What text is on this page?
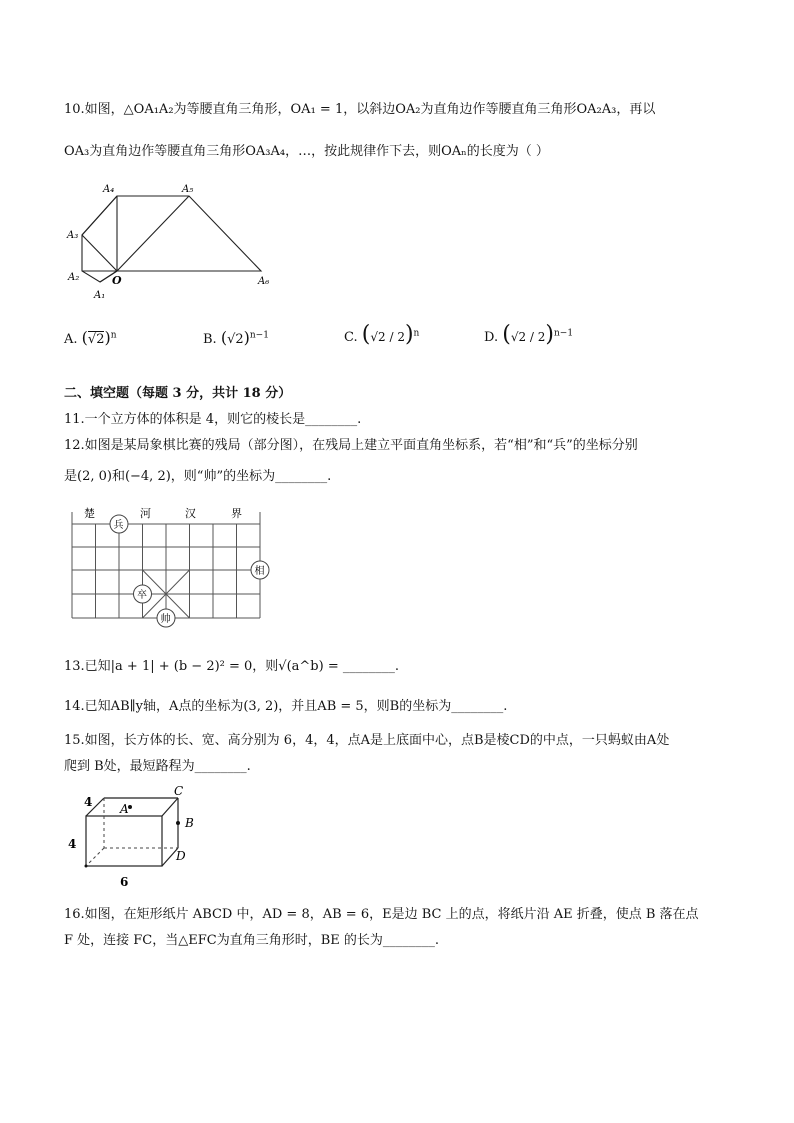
10.如图，△OA₁A₂为等腰直角三角形，OA₁ = 1，以斜边OA₂为直角边作等腰直角三角形OA₂A₃，再以
OA₃为直角边作等腰直角三角形OA₃A₄，…，按此规律作下去，则OAₙ的长度为（ ）
A₄	A₅
A₃
A₂	O
A₁
A₆
A. $(√2)^n$	B. $(√2)^{n-1}$	C. (√2 / 2)$^n$	D. (√2 / 2)$^{n-1}$
二、填空题（每题 3 分，共计 18 分）
11.一个立方体的体积是 4，则它的棱长是________.
12.如图是某局象棋比赛的残局（部分图），在残局上建立平面直角坐标系，若“相”和“兵”的坐标分别
是(2, 0)和(−4, 2)，则“帅”的坐标为________.
楚	河	汉	界
兵
相
卒
帅
13.已知|a + 1| + (b − 2)² = 0，则√(a^b) = ________.
14.已知AB∥y轴，A点的坐标为(3, 2)，并且AB = 5，则B的坐标为________.
15.如图，长方体的长、宽、高分别为 6，4，4，点A是上底面中心，点B是棱CD的中点，一只蚂蚁由A处
爬到 B处，最短路程为________.
4
4
6
A
B
C
D
16.如图，在矩形纸片 ABCD 中，AD = 8，AB = 6，E是边 BC 上的点，将纸片沿 AE 折叠，使点 B 落在点
F 处，连接 FC，当△EFC为直角三角形时，BE 的长为________.
